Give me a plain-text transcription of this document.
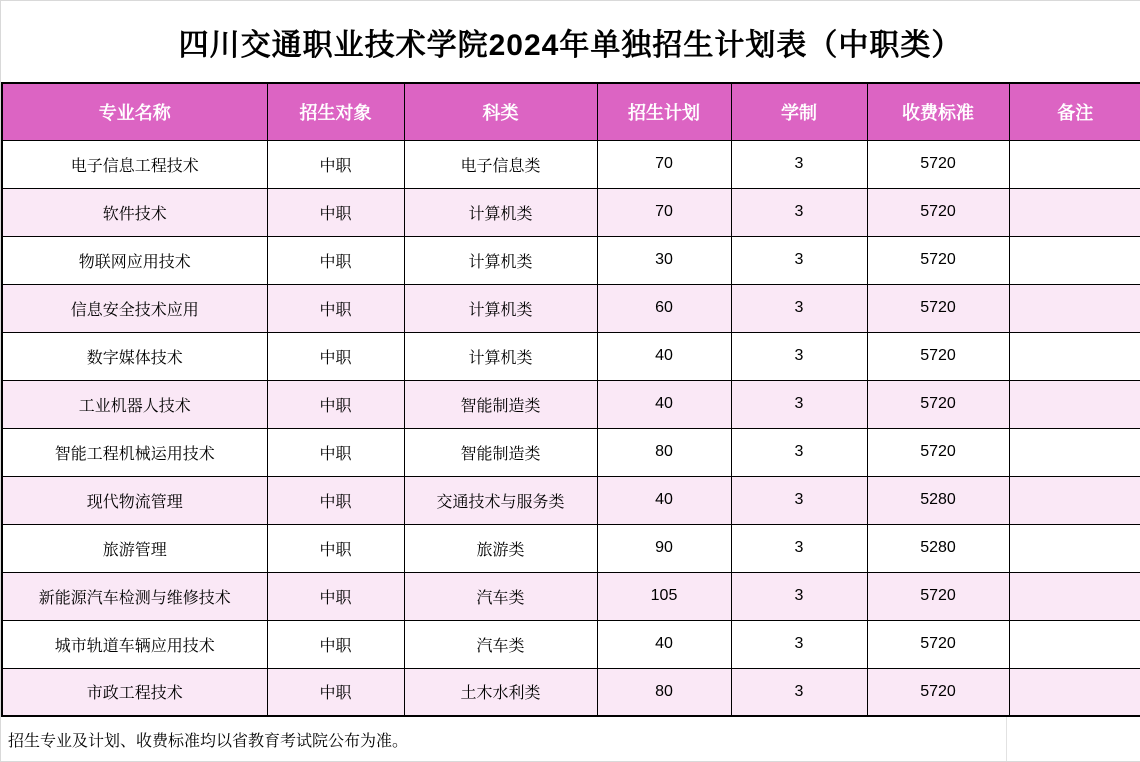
四川交通职业技术学院2024年单独招生计划表（中职类）
专业名称	招生对象	科类	招生计划	学制	收费标准	备注
电子信息工程技术	中职	电子信息类	70	3	5720	
软件技术	中职	计算机类	70	3	5720	
物联网应用技术	中职	计算机类	30	3	5720	
信息安全技术应用	中职	计算机类	60	3	5720	
数字媒体技术	中职	计算机类	40	3	5720	
工业机器人技术	中职	智能制造类	40	3	5720	
智能工程机械运用技术	中职	智能制造类	80	3	5720	
现代物流管理	中职	交通技术与服务类	40	3	5280	
旅游管理	中职	旅游类	90	3	5280	
新能源汽车检测与维修技术	中职	汽车类	105	3	5720	
城市轨道车辆应用技术	中职	汽车类	40	3	5720	
市政工程技术	中职	土木水利类	80	3	5720	
招生专业及计划、收费标准均以省教育考试院公布为准。
